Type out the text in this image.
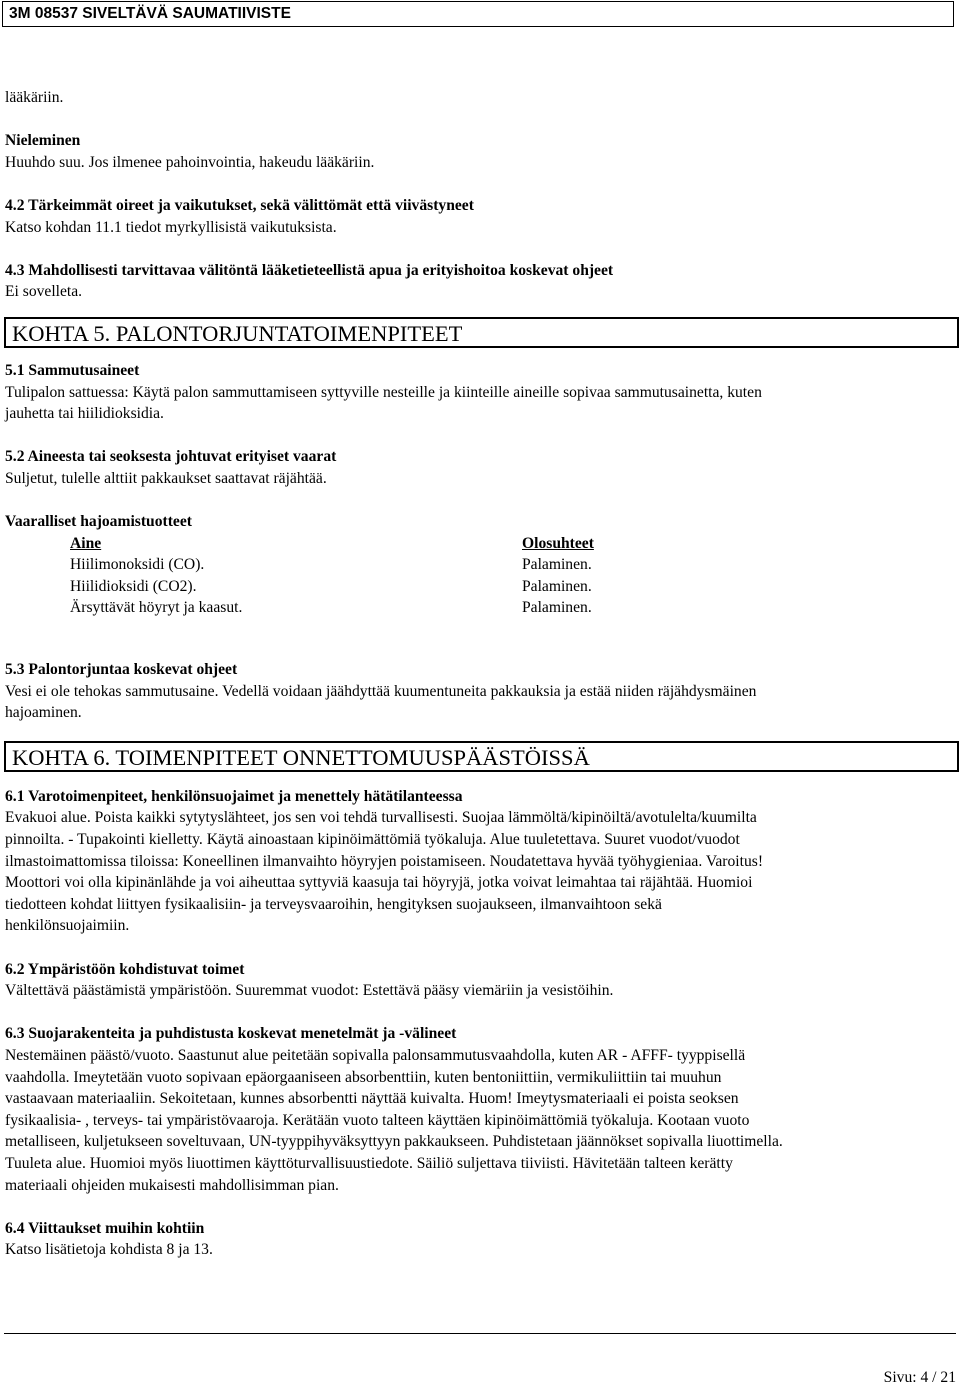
3M 08537 SIVELTÄVÄ SAUMATIIVISTE
lääkäriin.
Nieleminen
Huuhdo suu. Jos ilmenee pahoinvointia, hakeudu lääkäriin.
4.2 Tärkeimmät oireet ja vaikutukset, sekä välittömät että viivästyneet
Katso kohdan 11.1 tiedot myrkyllisistä vaikutuksista.
4.3 Mahdollisesti tarvittavaa välitöntä lääketieteellistä apua ja erityishoitoa koskevat ohjeet
Ei sovelleta.
KOHTA 5. PALONTORJUNTATOIMENPITEET
5.1 Sammutusaineet
Tulipalon sattuessa: Käytä palon sammuttamiseen syttyville nesteille ja kiinteille aineille sopivaa sammutusainetta, kuten
jauhetta tai hiilidioksidia.
5.2 Aineesta tai seoksesta johtuvat erityiset vaarat
Suljetut, tulelle alttiit pakkaukset saattavat räjähtää.
Vaaralliset hajoamistuotteet
Aine	Olosuhteet
Hiilimonoksidi (CO).	Palaminen.
Hiilidioksidi (CO2).	Palaminen.
Ärsyttävät höyryt ja kaasut.	Palaminen.
5.3 Palontorjuntaa koskevat ohjeet
Vesi ei ole tehokas sammutusaine. Vedellä voidaan jäähdyttää kuumentuneita pakkauksia ja estää niiden räjähdysmäinen
hajoaminen.
KOHTA 6. TOIMENPITEET ONNETTOMUUSPÄÄSTÖISSÄ
6.1 Varotoimenpiteet, henkilönsuojaimet ja menettely hätätilanteessa
Evakuoi alue. Poista kaikki sytytyslähteet, jos sen voi tehdä turvallisesti. Suojaa lämmöltä/kipinöiltä/avotulelta/kuumilta
pinnoilta. - Tupakointi kielletty. Käytä ainoastaan kipinöimättömiä työkaluja. Alue tuuletettava. Suuret vuodot/vuodot
ilmastoimattomissa tiloissa: Koneellinen ilmanvaihto höyryjen poistamiseen. Noudatettava hyvää työhygieniaa. Varoitus!
Moottori voi olla kipinänlähde ja voi aiheuttaa syttyviä kaasuja tai höyryjä, jotka voivat leimahtaa tai räjähtää. Huomioi
tiedotteen kohdat liittyen fysikaalisiin- ja terveysvaaroihin, hengityksen suojaukseen, ilmanvaihtoon sekä
henkilönsuojaimiin.
6.2 Ympäristöön kohdistuvat toimet
Vältettävä päästämistä ympäristöön. Suuremmat vuodot: Estettävä pääsy viemäriin ja vesistöihin.
6.3 Suojarakenteita ja puhdistusta koskevat menetelmät ja -välineet
Nestemäinen päästö/vuoto. Saastunut alue peitetään sopivalla palonsammutusvaahdolla, kuten AR - AFFF- tyyppisellä
vaahdolla. Imeytetään vuoto sopivaan epäorgaaniseen absorbenttiin, kuten bentoniittiin, vermikuliittiin tai muuhun
vastaavaan materiaaliin. Sekoitetaan, kunnes absorbentti näyttää kuivalta. Huom! Imeytysmateriaali ei poista seoksen
fysikaalisia- , terveys- tai ympäristövaaroja. Kerätään vuoto talteen käyttäen kipinöimättömiä työkaluja. Kootaan vuoto
metalliseen, kuljetukseen soveltuvaan, UN-tyyppihyväksyttyyn pakkaukseen. Puhdistetaan jäännökset sopivalla liuottimella.
Tuuleta alue. Huomioi myös liuottimen käyttöturvallisuustiedote. Säiliö suljettava tiiviisti. Hävitetään talteen kerätty
materiaali ohjeiden mukaisesti mahdollisimman pian.
6.4 Viittaukset muihin kohtiin
Katso lisätietoja kohdista 8 ja 13.
Sivu: 4 / 21
